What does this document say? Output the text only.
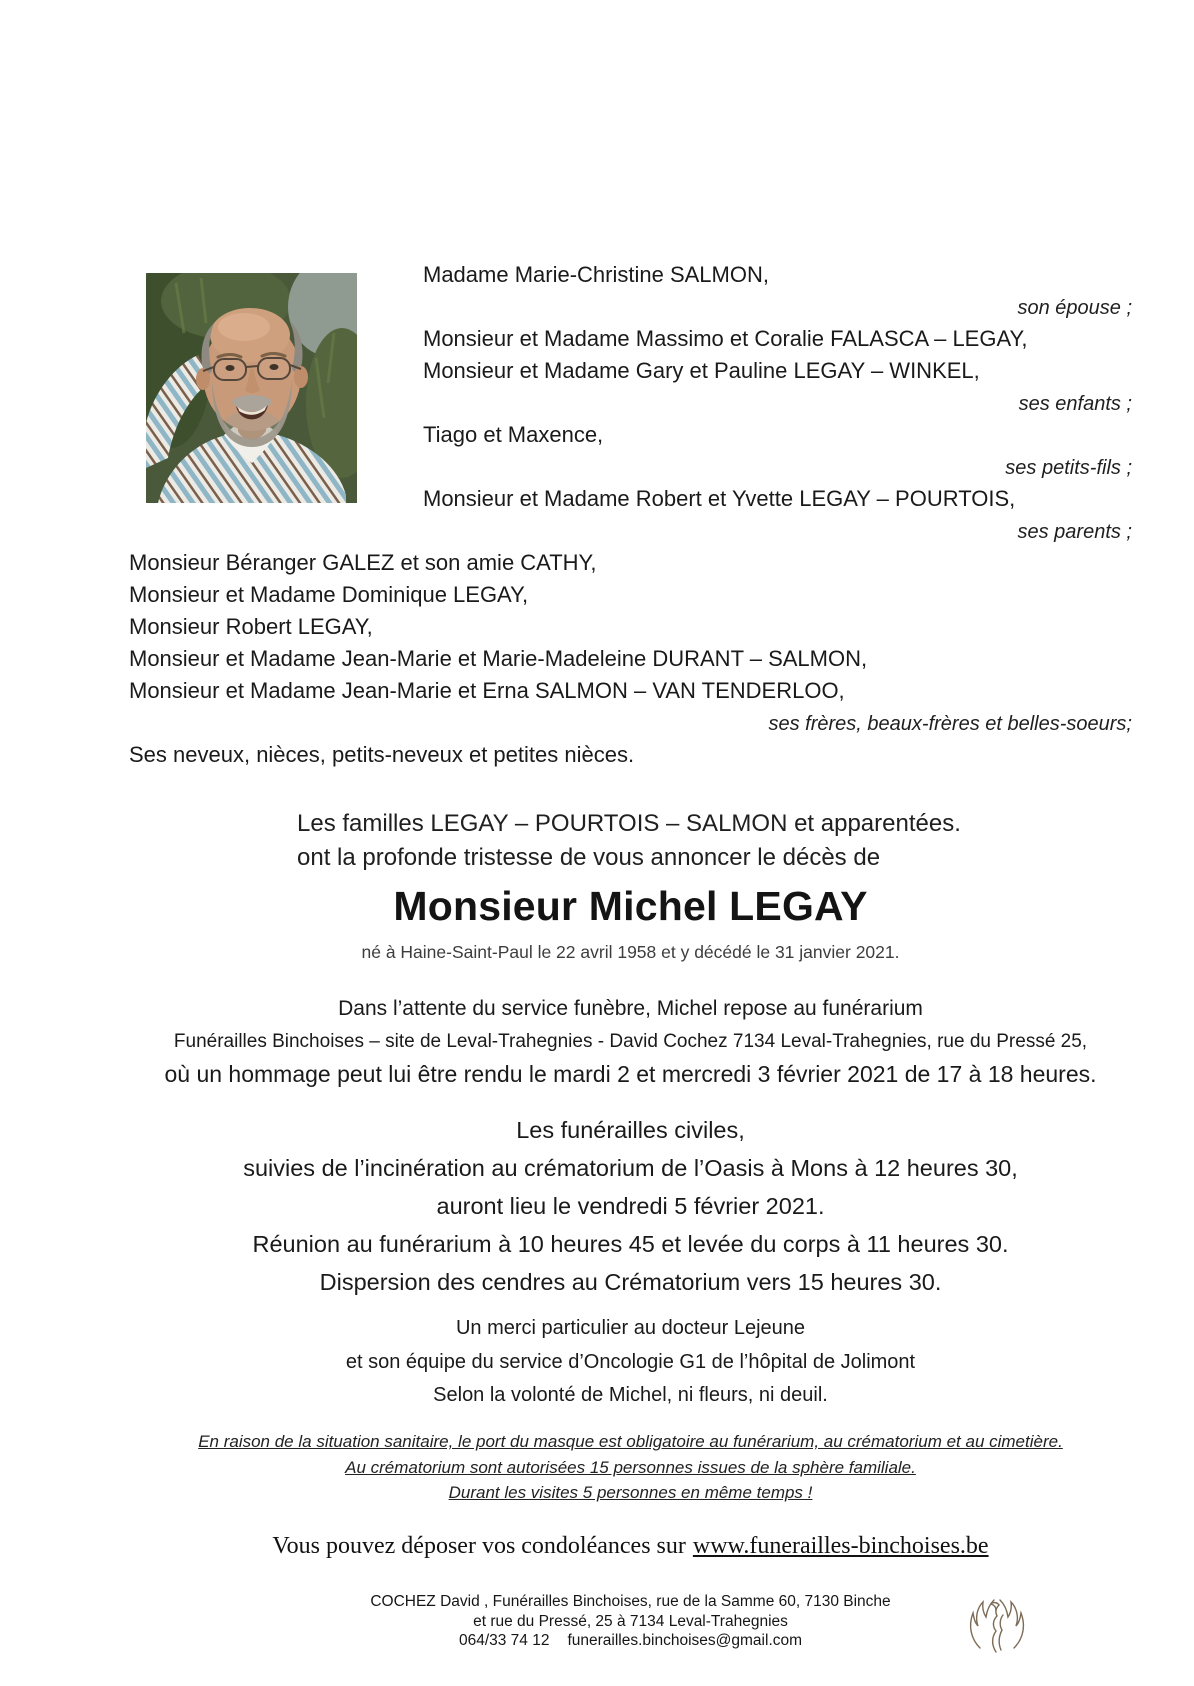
Madame Marie-Christine SALMON,
son épouse ;
Monsieur et Madame Massimo et Coralie FALASCA – LEGAY,
Monsieur et Madame Gary et Pauline LEGAY – WINKEL,
ses enfants ;
Tiago et Maxence,
ses petits-fils ;
Monsieur et Madame Robert et Yvette LEGAY – POURTOIS,
ses parents ;
Monsieur Béranger GALEZ et son amie CATHY,
Monsieur et Madame Dominique LEGAY,
Monsieur Robert LEGAY,
Monsieur et Madame Jean-Marie et Marie-Madeleine DURANT – SALMON,
Monsieur et Madame Jean-Marie et Erna SALMON – VAN TENDERLOO,
ses frères, beaux-frères et belles-soeurs;
Ses neveux, nièces, petits-neveux et petites nièces.
Les familles LEGAY – POURTOIS – SALMON et apparentées.
ont la profonde tristesse de vous annoncer le décès de
Monsieur Michel LEGAY
né à Haine-Saint-Paul le 22 avril 1958 et y décédé le 31 janvier 2021.
Dans l’attente du service funèbre, Michel repose au funérarium
Funérailles Binchoises – site de Leval-Trahegnies - David Cochez 7134 Leval-Trahegnies, rue du Pressé 25,
où un hommage peut lui être rendu le mardi 2 et mercredi 3 février 2021 de 17 à 18 heures.
Les funérailles civiles,
suivies de l’incinération au crématorium de l’Oasis à Mons à 12 heures 30,
auront lieu le vendredi 5 février 2021.
Réunion au funérarium à 10 heures 45 et levée du corps à 11 heures 30.
Dispersion des cendres au Crématorium vers 15 heures 30.
Un merci particulier au docteur Lejeune
et son équipe du service d’Oncologie G1 de l’hôpital de Jolimont
Selon la volonté de Michel, ni fleurs, ni deuil.
En raison de la situation sanitaire, le port du masque est obligatoire au funérarium, au crématorium et au cimetière.
Au crématorium sont autorisées 15 personnes issues de la sphère familiale.
Durant les visites 5 personnes en même temps !
Vous pouvez déposer vos condoléances sur www.funerailles-binchoises.be
COCHEZ David , Funérailles Binchoises, rue de la Samme 60, 7130 Binche
et rue du Pressé, 25 à 7134 Leval-Trahegnies
064/33 74 12 funerailles.binchoises@gmail.com
